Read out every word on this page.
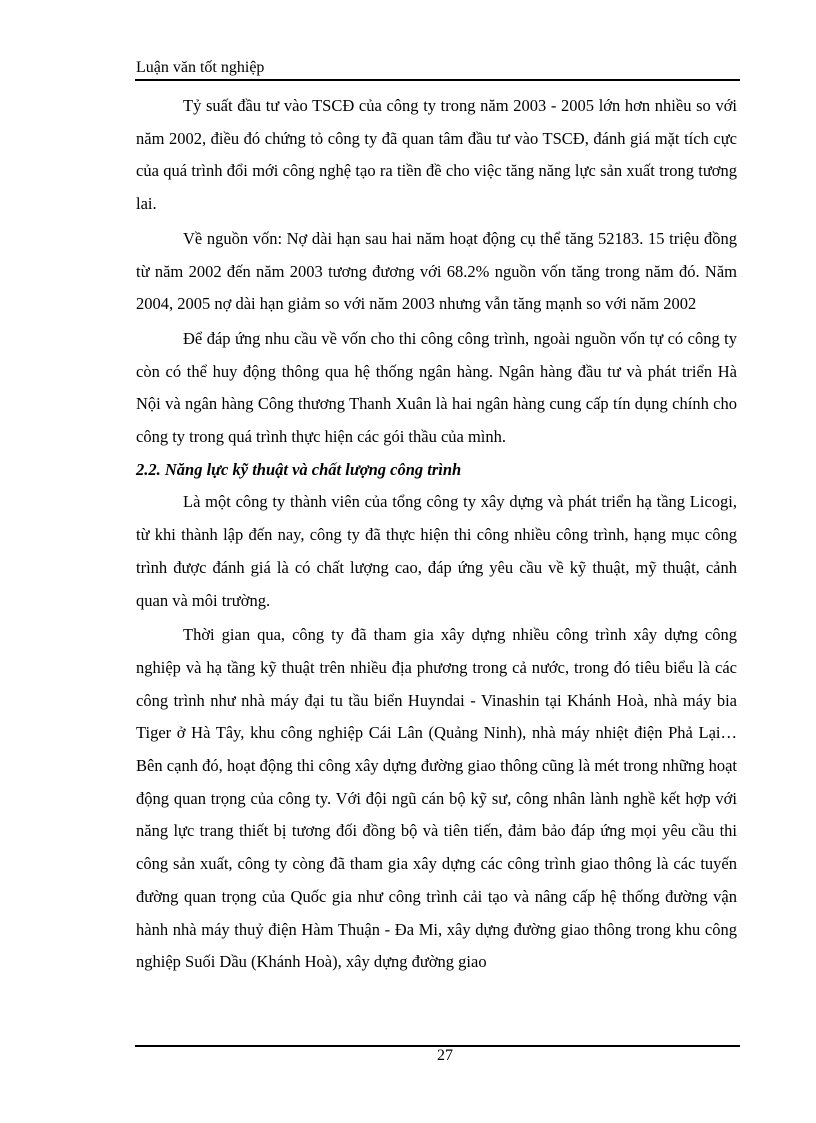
Luận văn tốt nghiệp

Tỷ suất đầu tư vào TSCĐ của công ty trong năm 2003 - 2005 lớn hơn nhiều so với năm 2002, điều đó chứng tỏ công ty đã quan tâm đầu tư vào TSCĐ, đánh giá mặt tích cực của quá trình đổi mới công nghệ tạo ra tiền đề cho việc tăng năng lực sản xuất trong tương lai.

Về nguồn vốn: Nợ dài hạn sau hai năm hoạt động cụ thể tăng 52183. 15 triệu đồng từ năm 2002 đến năm 2003 tương đương với 68.2% nguồn vốn tăng trong năm đó. Năm 2004, 2005 nợ dài hạn giảm so với năm 2003 nhưng vẫn tăng mạnh so với năm 2002

Để đáp ứng nhu cầu về vốn cho thi công công trình, ngoài nguồn vốn tự có công ty còn có thể huy động thông qua hệ thống ngân hàng. Ngân hàng đầu tư và phát triển Hà Nội và ngân hàng Công thương Thanh Xuân là hai ngân hàng cung cấp tín dụng chính cho công ty trong quá trình thực hiện các gói thầu của mình.

2.2. Năng lực kỹ thuật và chất lượng công trình

Là một công ty thành viên của tổng công ty xây dựng và phát triển hạ tầng Licogi, từ khi thành lập đến nay, công ty đã thực hiện thi công nhiều công trình, hạng mục công trình được đánh giá là có chất lượng cao, đáp ứng yêu cầu về kỹ thuật, mỹ thuật, cảnh quan và môi trường.

Thời gian qua, công ty đã tham gia xây dựng nhiều công trình xây dựng công nghiệp và hạ tầng kỹ thuật trên nhiều địa phương trong cả nước, trong đó tiêu biểu là các công trình như nhà máy đại tu tầu biển Huyndai - Vinashin tại Khánh Hoà, nhà máy bia Tiger ở Hà Tây, khu công nghiệp Cái Lân (Quảng Ninh), nhà máy nhiệt điện Phả Lại… Bên cạnh đó, hoạt động thi công xây dựng đường giao thông cũng là mét trong những hoạt động quan trọng của công ty. Với đội ngũ cán bộ kỹ sư, công nhân lành nghề kết hợp với năng lực trang thiết bị tương đối đồng bộ và tiên tiến, đảm bảo đáp ứng mọi yêu cầu thi công sản xuất, công ty còng đã tham gia xây dựng các công trình giao thông là các tuyến đường quan trọng của Quốc gia như công trình cải tạo và nâng cấp hệ thống đường vận hành nhà máy thuỷ điện Hàm Thuận - Đa Mi, xây dựng đường giao thông trong khu công nghiệp Suối Dầu (Khánh Hoà), xây dựng đường giao

27
